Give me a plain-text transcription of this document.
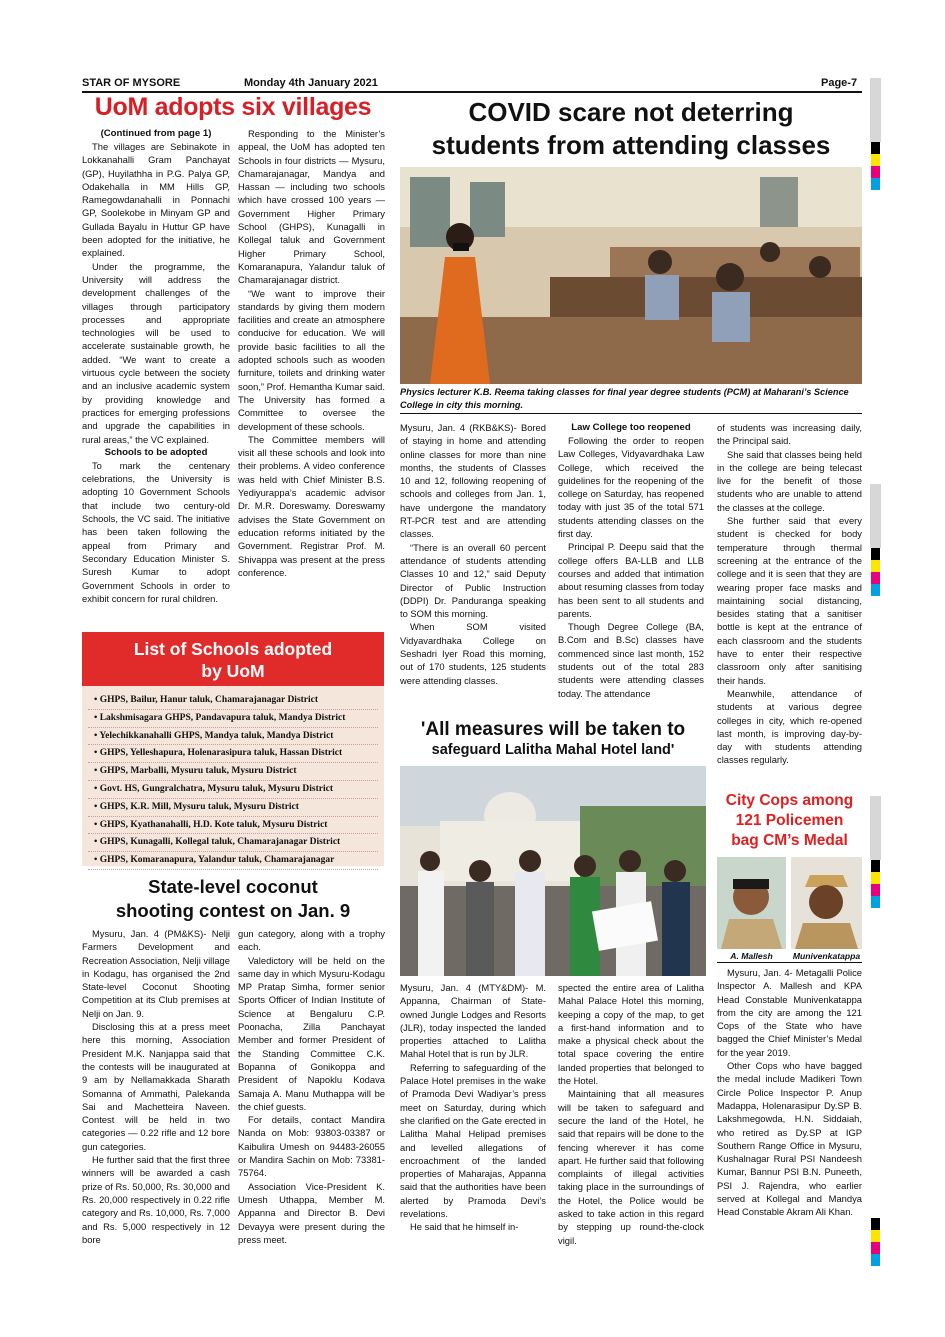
STAR OF MYSORE	Monday 4th January 2021	Page-7
UoM adopts six villages
(Continued from page 1)

The villages are Sebinakote in Lokkanahalli Gram Panchayat (GP), Huyilathha in P.G. Palya GP, Odakehalla in MM Hills GP, Ramegowdanahalli in Ponnachi GP, Soolekobe in Minyam GP and Gullada Bayalu in Huttur GP have been adopted for the initiative, he explained.

Under the programme, the University will address the development challenges of the villages through participatory processes and appropriate technologies will be used to accelerate sustainable growth, he added. “We want to create a virtuous cycle between the society and an inclusive academic system by providing knowledge and practices for emerging professions and upgrade the capabilities in rural areas,” the VC explained.

Schools to be adopted

To mark the centenary celebrations, the University is adopting 10 Government Schools that include two century-old Schools, the VC said. The initiative has been taken following the appeal from Primary and Secondary Education Minister S. Suresh Kumar to adopt Government Schools in order to exhibit concern for rural children.

Responding to the Minister’s appeal, the UoM has adopted ten Schools in four districts — Mysuru, Chamarajanagar, Mandya and Hassan — including two schools which have crossed 100 years — Government Higher Primary School (GHPS), Kunagalli in Kollegal taluk and Government Higher Primary School, Komaranapura, Yalandur taluk of Chamarajanagar district.

“We want to improve their standards by giving them modern facilities and create an atmosphere conducive for education. We will provide basic facilities to all the adopted schools such as wooden furniture, toilets and drinking water soon,” Prof. Hemantha Kumar said. The University has formed a Committee to oversee the development of these schools.

The Committee members will visit all these schools and look into their problems. A video conference was held with Chief Minister B.S. Yediyurappa’s academic advisor Dr. M.R. Doreswamy. Doreswamy advises the State Government on education reforms initiated by the Government. Registrar Prof. M. Shivappa was present at the press conference.

List of Schools adopted by UoM
• GHPS, Bailur, Hanur taluk, Chamarajanagar District
• Lakshmisagara GHPS, Pandavapura taluk, Mandya District
• Yelechikkanahalli GHPS, Mandya taluk, Mandya District
• GHPS, Yelleshapura, Holenarasipura taluk, Hassan District
• GHPS, Marballi, Mysuru taluk, Mysuru District
• Govt. HS, Gungralchatra, Mysuru taluk, Mysuru District
• GHPS, K.R. Mill, Mysuru taluk, Mysuru District
• GHPS, Kyathanahalli, H.D. Kote taluk, Mysuru District
• GHPS, Kunagalli, Kollegal taluk, Chamarajanagar District
• GHPS, Komaranapura, Yalandur taluk, Chamarajanagar
State-level coconut shooting contest on Jan. 9

Mysuru, Jan. 4 (PM&KS)- Nelji Farmers Development and Recreation Association, Nelji village in Kodagu, has organised the 2nd State-level Coconut Shooting Competition at its Club premises at Nelji on Jan. 9.

Disclosing this at a press meet here this morning, Association President M.K. Nanjappa said that the contests will be inaugurated at 9 am by Nellamakkada Sharath Somanna of Ammathi, Palekanda Sai and Machetteira Naveen. Contest will be held in two categories — 0.22 rifle and 12 bore gun categories.

He further said that the first three winners will be awarded a cash prize of Rs. 50,000, Rs. 30,000 and Rs. 20,000 respectively in 0.22 rifle category and Rs. 10,000, Rs. 7,000 and Rs. 5,000 respectively in 12 bore

gun category, along with a trophy each.

Valedictory will be held on the same day in which Mysuru-Kodagu MP Pratap Simha, former senior Sports Officer of Indian Institute of Science at Bengaluru C.P. Poonacha, Zilla Panchayat Member and former President of the Standing Committee C.K. Bopanna of Gonikoppa and President of Napoklu Kodava Samaja A. Manu Muthappa will be the chief guests.

For details, contact Mandira Nanda on Mob: 93803-03387 or Kaibulira Umesh on 94483-26055 or Mandira Sachin on Mob: 73381-75764.

Association Vice-President K. Umesh Uthappa, Member M. Appanna and Director B. Devi Devayya were present during the press meet.

COVID scare not deterring students from attending classes
Physics lecturer K.B. Reema taking classes for final year degree students (PCM) at Maharani’s Science College in city this morning.

Mysuru, Jan. 4 (RKB&KS)- Bored of staying in home and attending online classes for more than nine months, the students of Classes 10 and 12, following reopening of schools and colleges from Jan. 1, have undergone the mandatory RT-PCR test and are attending classes.

“There is an overall 60 percent attendance of students attending Classes 10 and 12,” said Deputy Director of Public Instruction (DDPI) Dr. Panduranga speaking to SOM this morning.

When SOM visited Vidyavardhaka College on Seshadri Iyer Road this morning, out of 170 students, 125 students were attending classes.

Law College too reopened

Following the order to reopen Law Colleges, Vidyavardhaka Law College, which received the guidelines for the reopening of the college on Saturday, has reopened today with just 35 of the total 571 students attending classes on the first day.

Principal P. Deepu said that the college offers BA-LLB and LLB courses and added that intimation about resuming classes from today has been sent to all students and parents.

Though Degree College (BA, B.Com and B.Sc) classes have commenced since last month, 152 students out of the total 283 students were attending classes today. The attendance

of students was increasing daily, the Principal said.

She said that classes being held in the college are being telecast live for the benefit of those students who are unable to attend the classes at the college.

She further said that every student is checked for body temperature through thermal screening at the entrance of the college and it is seen that they are wearing proper face masks and maintaining social distancing, besides stating that a sanitiser bottle is kept at the entrance of each classroom and the students have to enter their respective classroom only after sanitising their hands.

Meanwhile, attendance of students at various degree colleges in city, which re-opened last month, is improving day-by-day with students attending classes regularly.

'All measures will be taken to
safeguard Lalitha Mahal Hotel land'

Mysuru, Jan. 4 (MTY&DM)- M. Appanna, Chairman of State-owned Jungle Lodges and Resorts (JLR), today inspected the landed properties attached to Lalitha Mahal Hotel that is run by JLR.

Referring to safeguarding of the Palace Hotel premises in the wake of Pramoda Devi Wadiyar’s press meet on Saturday, during which she clarified on the Gate erected in Lalitha Mahal Helipad premises and levelled allegations of encroachment of the landed properties of Maharajas, Appanna said that the authorities have been alerted by Pramoda Devi’s revelations.

He said that he himself in-

spected the entire area of Lalitha Mahal Palace Hotel this morning, keeping a copy of the map, to get a first-hand information and to make a physical check about the total space covering the entire landed properties that belonged to the Hotel.

Maintaining that all measures will be taken to safeguard and secure the land of the Hotel, he said that repairs will be done to the fencing wherever it has come apart. He further said that following complaints of illegal activities taking place in the surroundings of the Hotel, the Police would be asked to take action in this regard by stepping up round-the-clock vigil.

City Cops among 121 Policemen bag CM’s Medal
A. Mallesh	Munivenkatappa

Mysuru, Jan. 4- Metagalli Police Inspector A. Mallesh and KPA Head Constable Munivenkatappa from the city are among the 121 Cops of the State who have bagged the Chief Minister’s Medal for the year 2019.

Other Cops who have bagged the medal include Madikeri Town Circle Police Inspector P. Anup Madappa, Holenarasipur Dy.SP B. Lakshmegowda, H.N. Siddaiah, who retired as Dy.SP at IGP Southern Range Office in Mysuru, Kushalnagar Rural PSI Nandeesh Kumar, Bannur PSI B.N. Puneeth, PSI J. Rajendra, who earlier served at Kollegal and Mandya Head Constable Akram Ali Khan.
